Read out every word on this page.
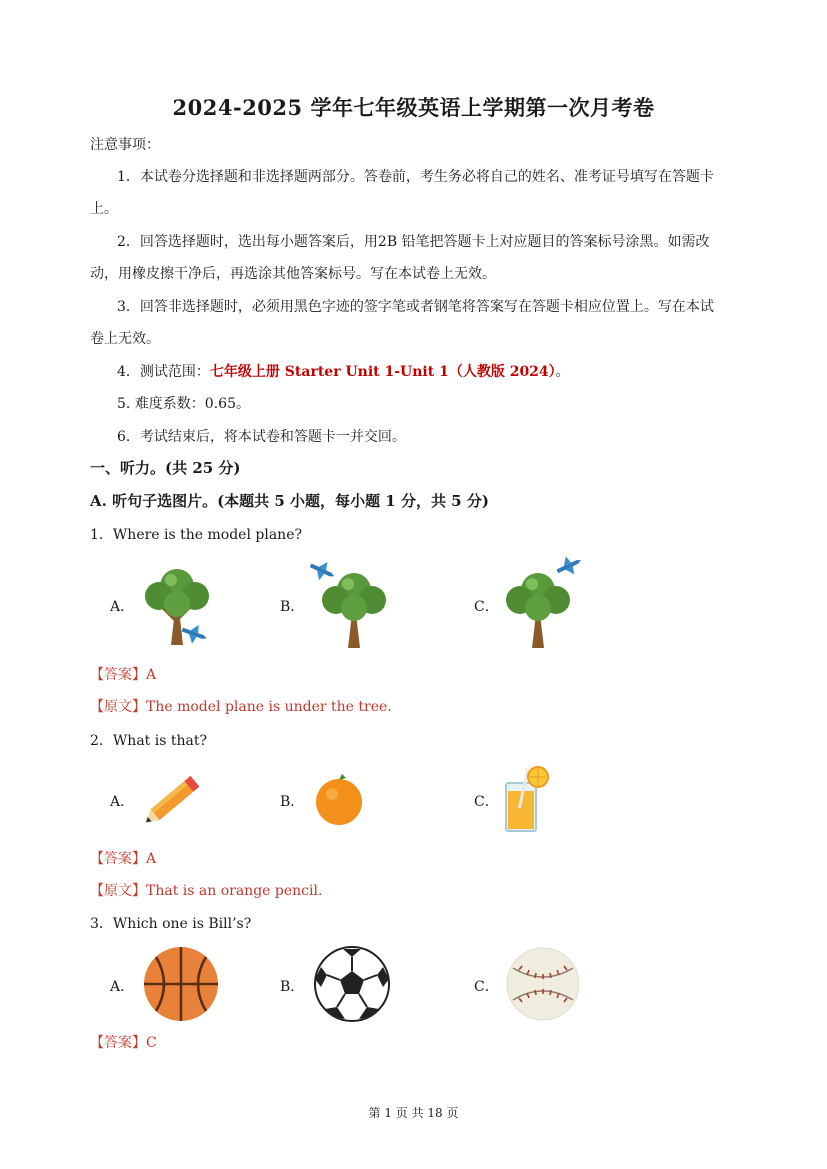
2024-2025 学年七年级英语上学期第一次月考卷
注意事项：
1．本试卷分选择题和非选择题两部分。答卷前，考生务必将自己的姓名、准考证号填写在答题卡
上。
2．回答选择题时，选出每小题答案后，用2B 铅笔把答题卡上对应题目的答案标号涂黑。如需改
动，用橡皮擦干净后，再选涂其他答案标号。写在本试卷上无效。
3．回答非选择题时，必须用黑色字迹的签字笔或者钢笔将答案写在答题卡相应位置上。写在本试
卷上无效。
4．测试范围：七年级上册 Starter Unit 1-Unit 1（人教版 2024）。
5. 难度系数：0.65。
6．考试结束后，将本试卷和答题卡一并交回。
一、听力。(共 25 分)
A. 听句子选图片。(本题共 5 小题，每小题 1 分，共 5 分)
1．Where is the model plane?
A．	B．	C．
【答案】A
【原文】The model plane is under the tree.
2．What is that?
A．	B．	C．
【答案】A
【原文】That is an orange pencil.
3．Which one is Bill’s?
A．	B．	C．
【答案】C
第 1 页 共 18 页
